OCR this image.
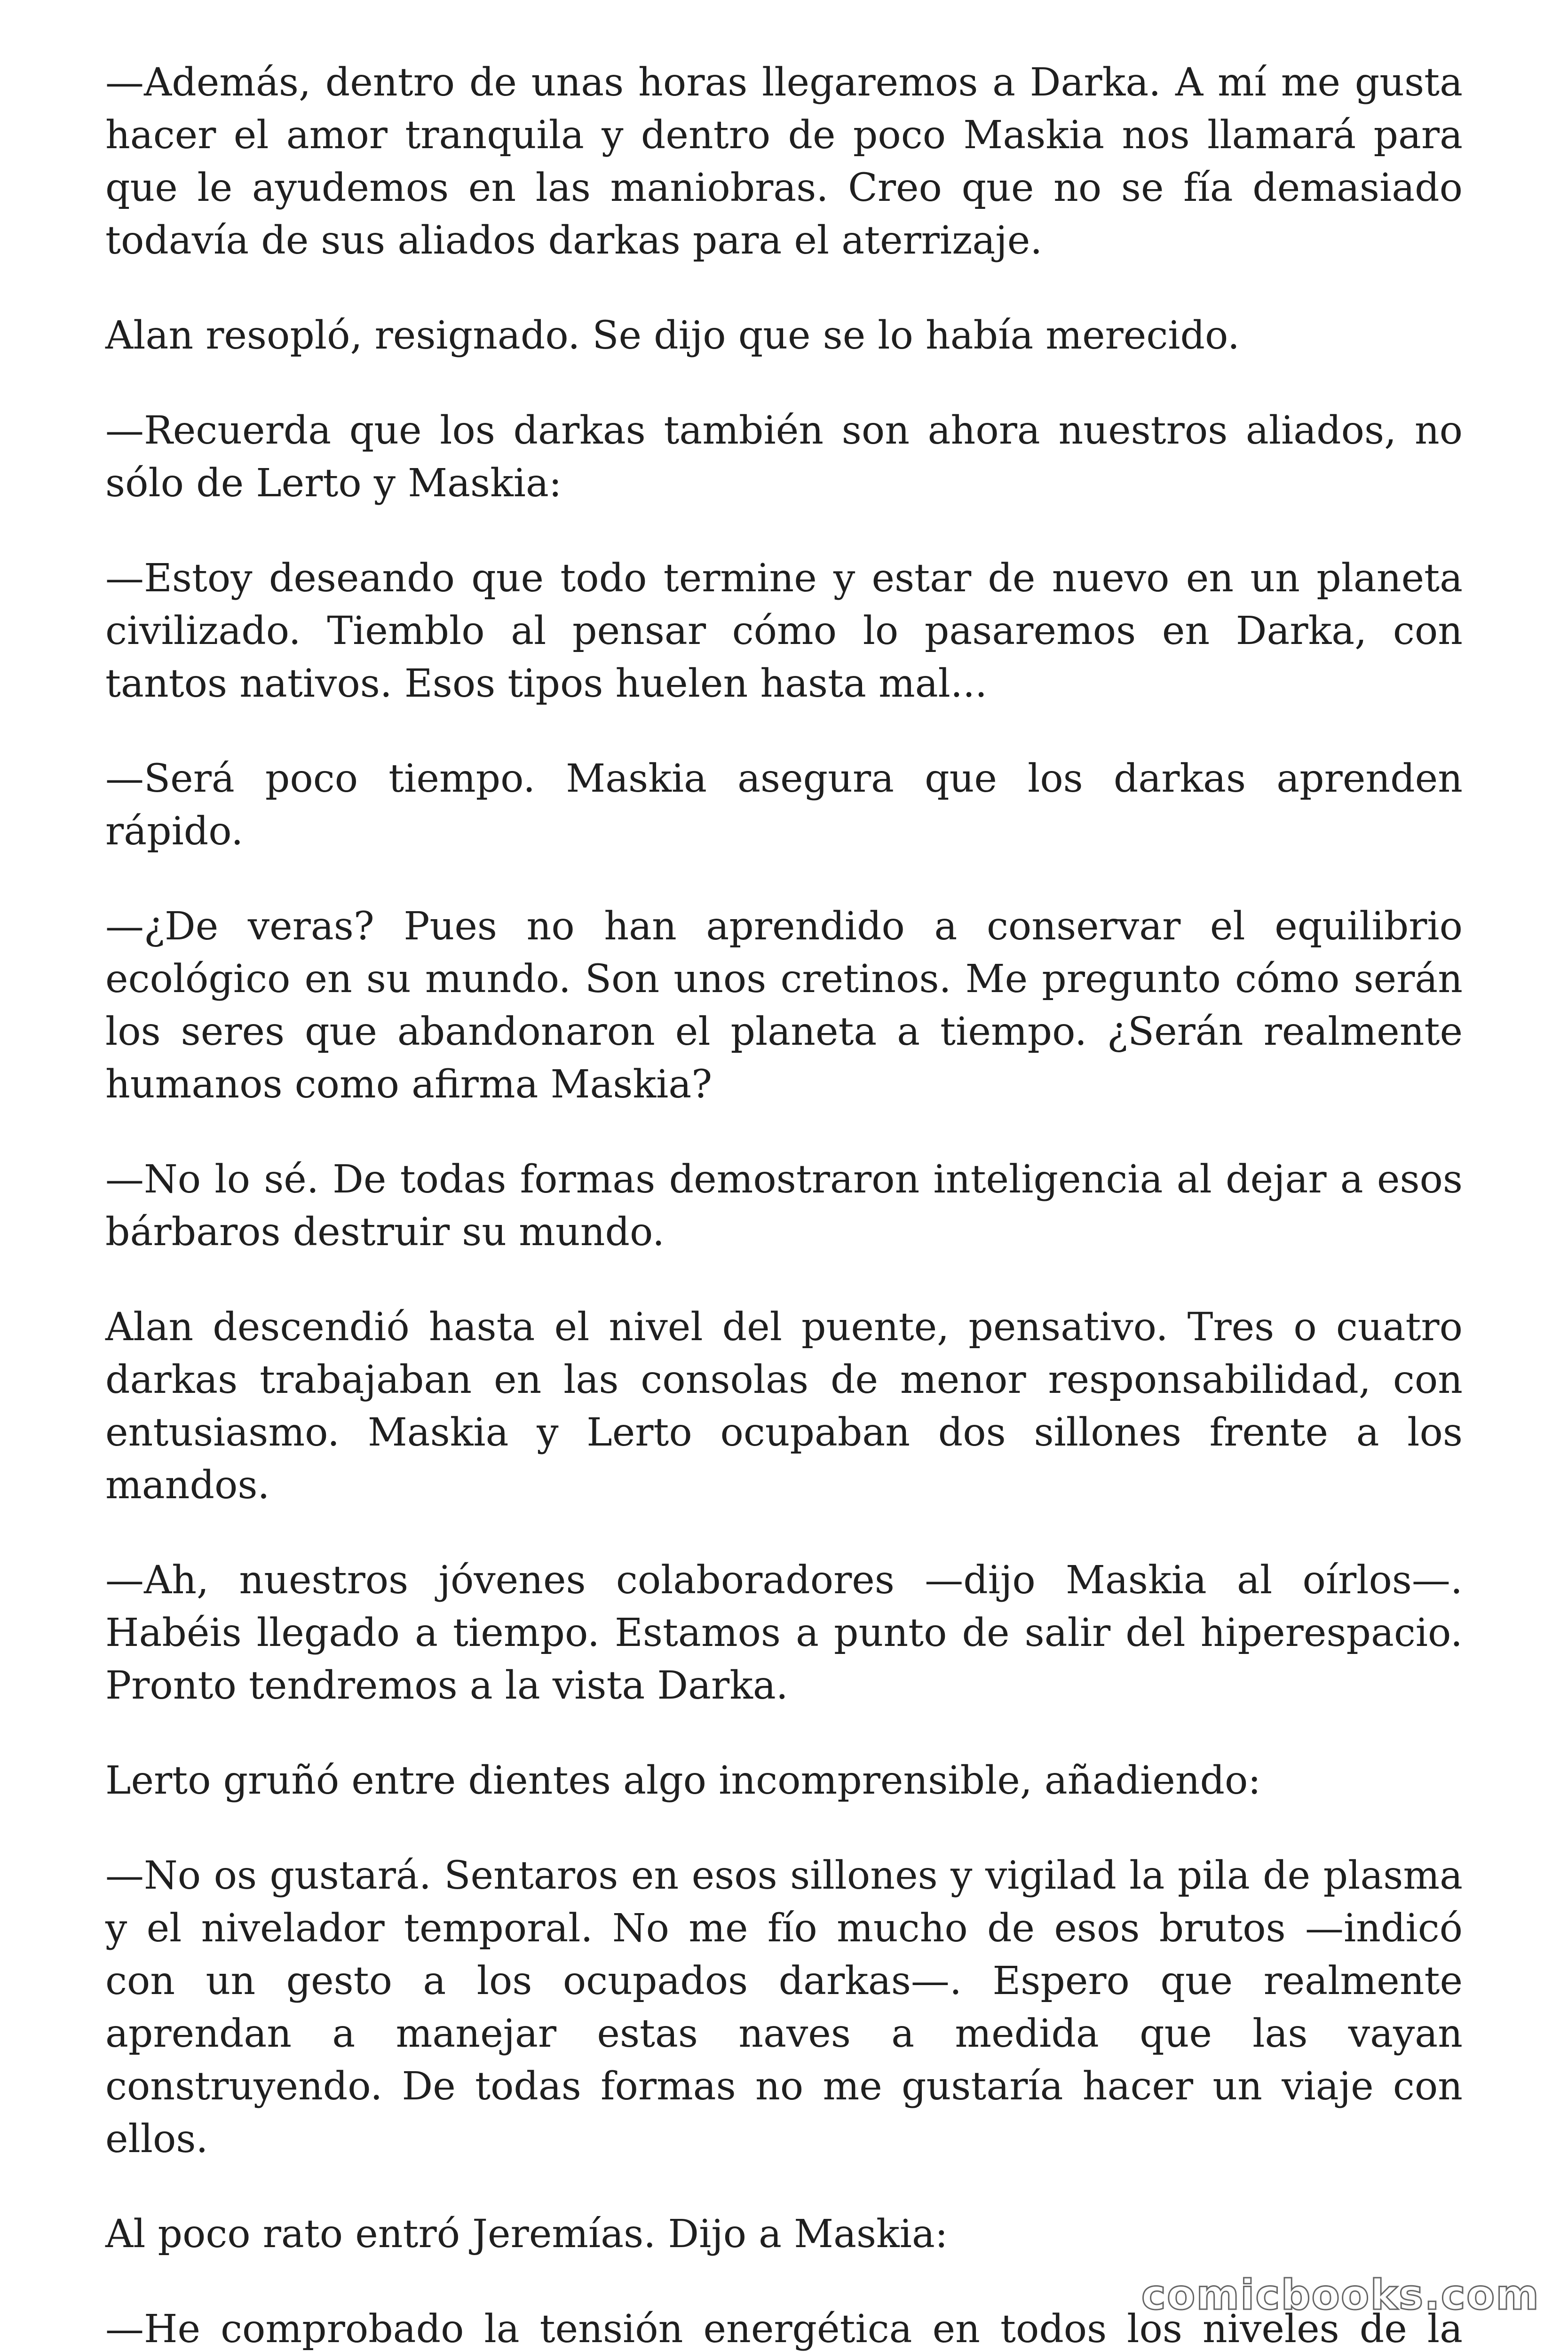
—Además, dentro de unas horas llegaremos a Darka. A mí me gusta hacer el amor tranquila y dentro de poco Maskia nos llamará para que le ayudemos en las maniobras. Creo que no se fía demasiado todavía de sus aliados darkas para el aterrizaje.

Alan resopló, resignado. Se dijo que se lo había merecido.

—Recuerda que los darkas también son ahora nuestros aliados, no sólo de Lerto y Maskia:

—Estoy deseando que todo termine y estar de nuevo en un planeta civilizado. Tiemblo al pensar cómo lo pasaremos en Darka, con tantos nativos. Esos tipos huelen hasta mal...

—Será poco tiempo. Maskia asegura que los darkas aprenden rápido.

—¿De veras? Pues no han aprendido a conservar el equilibrio ecológico en su mundo. Son unos cretinos. Me pregunto cómo serán los seres que abandonaron el planeta a tiempo. ¿Serán realmente humanos como afirma Maskia?

—No lo sé. De todas formas demostraron inteligencia al dejar a esos bárbaros destruir su mundo.

Alan descendió hasta el nivel del puente, pensativo. Tres o cuatro darkas trabajaban en las consolas de menor responsabilidad, con entusiasmo. Maskia y Lerto ocupaban dos sillones frente a los mandos.

—Ah, nuestros jóvenes colaboradores —dijo Maskia al oírlos—. Habéis llegado a tiempo. Estamos a punto de salir del hiperespacio. Pronto tendremos a la vista Darka.

Lerto gruñó entre dientes algo incomprensible, añadiendo:

—No os gustará. Sentaros en esos sillones y vigilad la pila de plasma y el nivelador temporal. No me fío mucho de esos brutos —indicó con un gesto a los ocupados darkas—. Espero que realmente aprendan a manejar estas naves a medida que las vayan construyendo. De todas formas no me gustaría hacer un viaje con ellos.

Al poco rato entró Jeremías. Dijo a Maskia:

—He comprobado la tensión energética en todos los niveles de la

comicbooks.com
